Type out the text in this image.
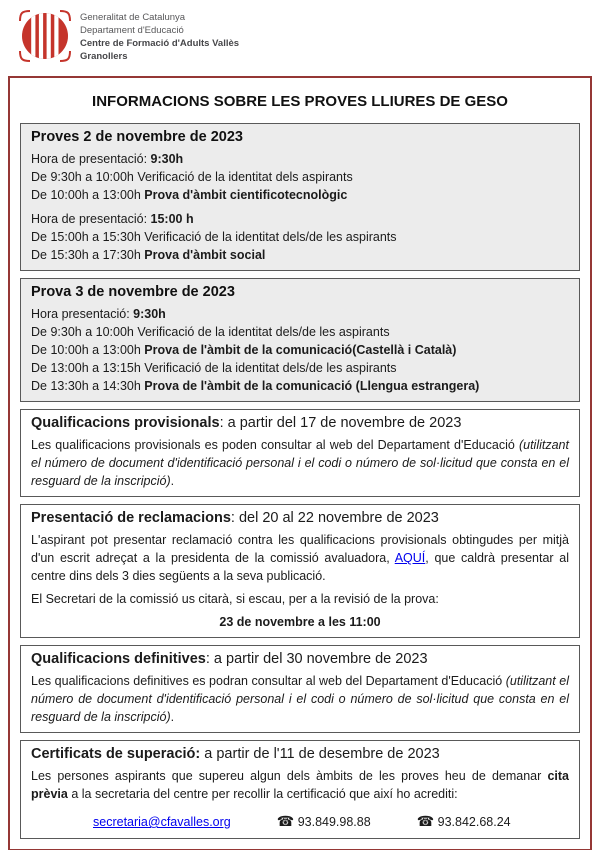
Generalitat de Catalunya
Departament d'Educació
Centre de Formació d'Adults Vallès
Granollers
INFORMACIONS SOBRE LES PROVES LLIURES DE GESO
Proves 2 de novembre de 2023
Hora de presentació: 9:30h
De 9:30h a 10:00h Verificació de la identitat dels aspirants
De 10:00h a 13:00h Prova d'àmbit cientificotecnològic
Hora de presentació: 15:00 h
De 15:00h a 15:30h Verificació de la identitat dels/de les aspirants
De 15:30h a 17:30h Prova d'àmbit social
Prova 3 de novembre de 2023
Hora presentació: 9:30h
De 9:30h a 10:00h Verificació de la identitat dels/de les aspirants
De 10:00h a 13:00h Prova de l'àmbit de la comunicació(Castellà i Català)
De 13:00h a 13:15h Verificació de la identitat dels/de les aspirants
De 13:30h a 14:30h Prova de l'àmbit de la comunicació (Llengua estrangera)
Qualificacions provisionals: a partir del 17 de novembre de 2023

Les qualificacions provisionals es poden consultar al web del Departament d'Educació (utilitzant el número de document d'identificació personal i el codi o número de sol·licitud que consta en el resguard de la inscripció).

Presentació de reclamacions: del 20 al 22 novembre de 2023

L'aspirant pot presentar reclamació contra les qualificacions provisionals obtingudes per mitjà d'un escrit adreçat a la presidenta de la comissió avaluadora, AQUÍ, que caldrà presentar al centre dins dels 3 dies següents a la seva publicació.

El Secretari de la comissió us citarà, si escau, per a la revisió de la prova:

23 de novembre a les 11:00
Qualificacions definitives: a partir del 30 novembre de 2023

Les qualificacions definitives es podran consultar al web del Departament d'Educació (utilitzant el número de document d'identificació personal i el codi o número de sol·licitud que consta en el resguard de la inscripció).

Certificats de superació: a partir de l'11 de desembre de 2023

Les persones aspirants que supereu algun dels àmbits de les proves heu de demanar cita prèvia a la secretaria del centre per recollir la certificació que així ho acrediti:

secretaria@cfavalles.org	☎ 93.849.98.88	☎ 93.842.68.24
